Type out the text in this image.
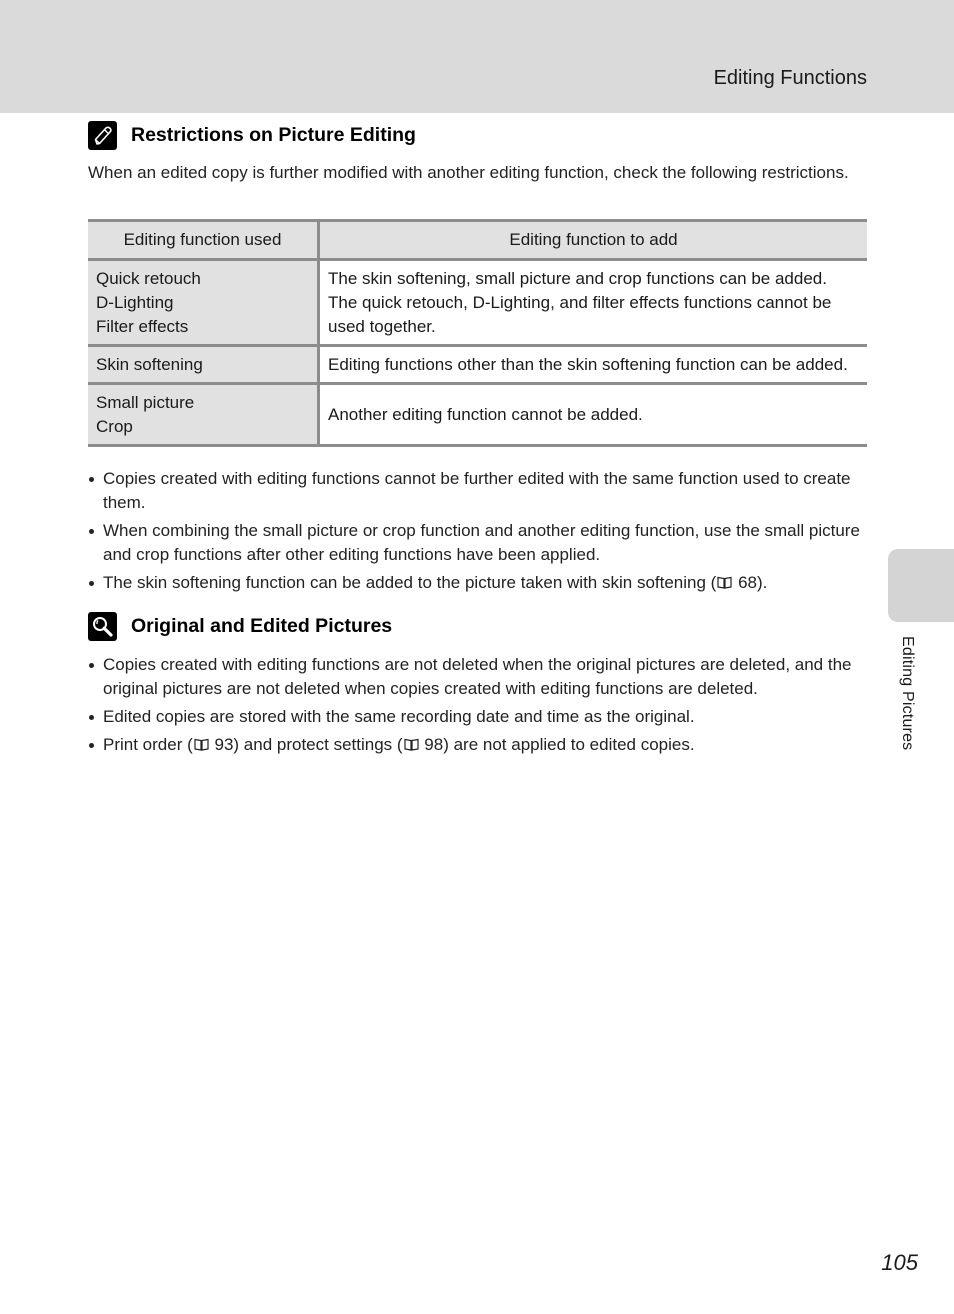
Editing Functions
Editing Pictures
Restrictions on Picture Editing
When an edited copy is further modified with another editing function, check the following restrictions.
Editing function used	Editing function to add

Quick retouch
D-Lighting
Filter effects	The skin softening, small picture and crop functions can be added. The quick retouch, D-Lighting, and filter effects functions cannot be used together.

Skin softening	Editing functions other than the skin softening function can be added.

Small picture
Crop	Another editing function cannot be added.
Copies created with editing functions cannot be further edited with the same function used to create them.
When combining the small picture or crop function and another editing function, use the small picture and crop functions after other editing functions have been applied.
The skin softening function can be added to the picture taken with skin softening ( 68).
Original and Edited Pictures
Copies created with editing functions are not deleted when the original pictures are deleted, and the original pictures are not deleted when copies created with editing functions are deleted.
Edited copies are stored with the same recording date and time as the original.
Print order ( 93) and protect settings ( 98) are not applied to edited copies.
105
